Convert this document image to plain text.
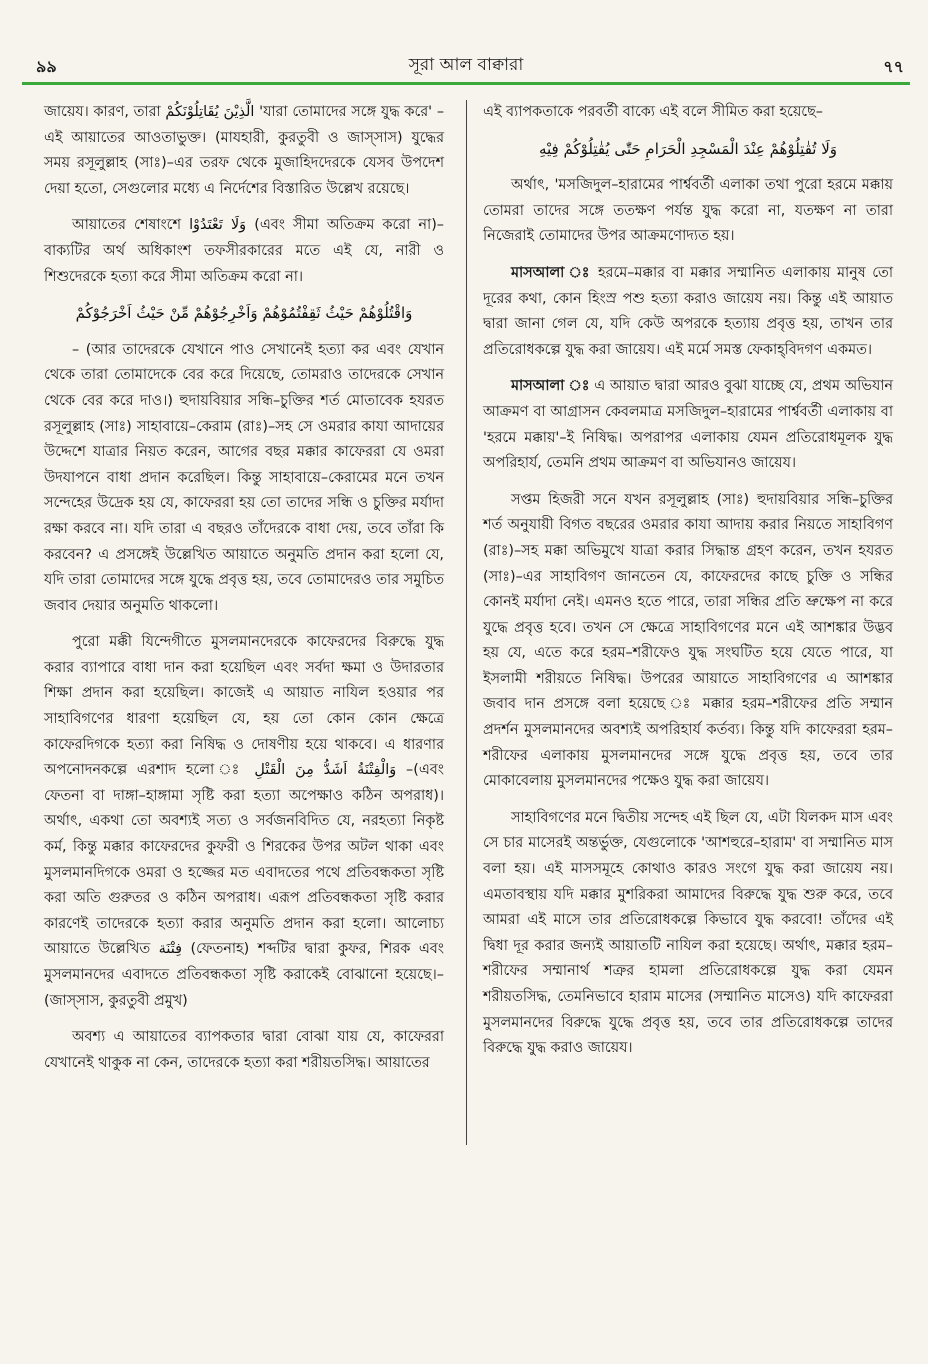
৯৯	সূরা আল বাক্বারা	৭৭

জায়েয। কারণ, তারা الَّذِيْنَ يُقَاتِلُوْنَكُمْ 'যারা তোমাদের সঙ্গে যুদ্ধ করে' – এই আয়াতের আওতাভুক্ত। (মাযহারী, কুরতুবী ও জাস্‌সাস) যুদ্ধের সময় রসূলুল্লাহ (সাঃ)–এর তরফ থেকে মুজাহিদদেরকে যেসব উপদেশ দেয়া হতো, সেগুলোর মধ্যে এ নির্দেশের বিস্তারিত উল্লেখ রয়েছে।

আয়াতের শেষাংশে وَلَا تَعْتَدُوْا (এবং সীমা অতিক্রম করো না)–বাক্যটির অর্থ অধিকাংশ তফসীরকারের মতে এই যে, নারী ও শিশুদেরকে হত্যা করে সীমা অতিক্রম করো না।

وَاقْتُلُوْهُمْ حَيْثُ ثَقِفْتُمُوْهُمْ وَاَخْرِجُوْهُمْ مِّنْ حَيْثُ اَخْرَجُوْكُمْ

– (আর তাদেরকে যেখানে পাও সেখানেই হত্যা কর এবং যেখান থেকে তারা তোমাদেকে বের করে দিয়েছে, তোমরাও তাদেরকে সেখান থেকে বের করে দাও।) হুদায়বিয়ার সন্ধি–চুক্তির শর্ত মোতাবেক হযরত রসূলুল্লাহ (সাঃ) সাহাবায়ে–কেরাম (রাঃ)–সহ সে ওমরার কাযা আদায়ের উদ্দেশে যাত্রার নিয়ত করেন, আগের বছর মক্কার কাফেররা যে ওমরা উদযাপনে বাধা প্রদান করেছিল। কিন্তু সাহাবায়ে–কেরামের মনে তখন সন্দেহের উদ্রেক হয় যে, কাফেররা হয় তো তাদের সন্ধি ও চুক্তির মর্যাদা রক্ষা করবে না। যদি তারা এ বছরও তাঁদেরকে বাধা দেয়, তবে তাঁরা কি করবেন? এ প্রসঙ্গেই উল্লেখিত আয়াতে অনুমতি প্রদান করা হলো যে, যদি তারা তোমাদের সঙ্গে যুদ্ধে প্রবৃত্ত হয়, তবে তোমাদেরও তার সমুচিত জবাব দেয়ার অনুমতি থাকলো।

পুরো মক্কী যিন্দেগীতে মুসলমানদেরকে কাফেরদের বিরুদ্ধে যুদ্ধ করার ব্যাপারে বাধা দান করা হয়েছিল এবং সর্বদা ক্ষমা ও উদারতার শিক্ষা প্রদান করা হয়েছিল। কাজেই এ আয়াত নাযিল হওয়ার পর সাহাবিগণের ধারণা হয়েছিল যে, হয় তো কোন কোন ক্ষেত্রে কাফেরদিগকে হত্যা করা নিষিদ্ধ ও দোষণীয় হয়ে থাকবে। এ ধারণার অপনোদনকল্পে এরশাদ হলো ঃ وَالْفِتْنَةُ اَشَدُّ مِنَ الْقَتْلِ –(এবং ফেতনা বা দাঙ্গা–হাঙ্গামা সৃষ্টি করা হত্যা অপেক্ষাও কঠিন অপরাধ)। অর্থাৎ, একথা তো অবশ্যই সত্য ও সর্বজনবিদিত যে, নরহত্যা নিকৃষ্ট কর্ম, কিন্তু মক্কার কাফেরদের কুফরী ও শিরকের উপর অটল থাকা এবং মুসলমানদিগকে ওমরা ও হজ্জের মত এবাদতের পথে প্রতিবন্ধকতা সৃষ্টি করা অতি গুরুতর ও কঠিন অপরাধ। এরূপ প্রতিবন্ধকতা সৃষ্টি করার কারণেই তাদেরকে হত্যা করার অনুমতি প্রদান করা হলো। আলোচ্য আয়াতে উল্লেখিত فِتْنَة (ফেতনাহ) শব্দটির দ্বারা কুফর, শিরক এবং মুসলমানদের এবাদতে প্রতিবন্ধকতা সৃষ্টি করাকেই বোঝানো হয়েছে।– (জাস্‌সাস, কুরতুবী প্রমুখ)

অবশ্য এ আয়াতের ব্যাপকতার দ্বারা বোঝা যায় যে, কাফেররা যেখানেই থাকুক না কেন, তাদেরকে হত্যা করা শরীয়তসিদ্ধ। আয়াতের

এই ব্যাপকতাকে পরবর্তী বাক্যে এই বলে সীমিত করা হয়েছে–

وَلَا تُقٰتِلُوْهُمْ عِنْدَ الْمَسْجِدِ الْحَرَامِ حَتّٰى يُقٰتِلُوْكُمْ فِيْهِ

অর্থাৎ, 'মসজিদুল–হারামের পার্শ্ববর্তী এলাকা তথা পুরো হরমে মক্কায় তোমরা তাদের সঙ্গে ততক্ষণ পর্যন্ত যুদ্ধ করো না, যতক্ষণ না তারা নিজেরাই তোমাদের উপর আক্রমণোদ্যত হয়।

মাসআলা ঃ হরমে–মক্কার বা মক্কার সম্মানিত এলাকায় মানুষ তো দূরের কথা, কোন হিংস্র পশু হত্যা করাও জায়েয নয়। কিন্তু এই আয়াত দ্বারা জানা গেল যে, যদি কেউ অপরকে হত্যায় প্রবৃত্ত হয়, তাখন তার প্রতিরোধকল্পে যুদ্ধ করা জায়েয। এই মর্মে সমস্ত ফেকাহ্‌বিদগণ একমত।

মাসআলা ঃ এ আয়াত দ্বারা আরও বুঝা যাচ্ছে যে, প্রথম অভিযান আক্রমণ বা আগ্রাসন কেবলমাত্র মসজিদুল–হারামের পার্শ্ববর্তী এলাকায় বা 'হরমে মক্কায়'–ই নিষিদ্ধ। অপরাপর এলাকায় যেমন প্রতিরোধমূলক যুদ্ধ অপরিহার্য, তেমনি প্রথম আক্রমণ বা অভিযানও জায়েয।

সপ্তম হিজরী সনে যখন রসূলুল্লাহ (সাঃ) হুদায়বিয়ার সন্ধি–চুক্তির শর্ত অনুযায়ী বিগত বছরের ওমরার কাযা আদায় করার নিয়তে সাহাবিগণ (রাঃ)–সহ মক্কা অভিমুখে যাত্রা করার সিদ্ধান্ত গ্রহণ করেন, তখন হযরত (সাঃ)–এর সাহাবিগণ জানতেন যে, কাফেরদের কাছে চুক্তি ও সন্ধির কোনই মর্যাদা নেই। এমনও হতে পারে, তারা সন্ধির প্রতি ভ্রুক্ষেপ না করে যুদ্ধে প্রবৃত্ত হবে। তখন সে ক্ষেত্রে সাহাবিগণের মনে এই আশঙ্কার উদ্ভব হয় যে, এতে করে হরম–শরীফেও যুদ্ধ সংঘটিত হয়ে যেতে পারে, যা ইসলামী শরীয়তে নিষিদ্ধ। উপরের আয়াতে সাহাবিগণের এ আশঙ্কার জবাব দান প্রসঙ্গে বলা হয়েছে ঃ মক্কার হরম–শরীফের প্রতি সম্মান প্রদর্শন মুসলমানদের অবশ্যই অপরিহার্য কর্তব্য। কিন্তু যদি কাফেররা হরম–শরীফের এলাকায় মুসলমানদের সঙ্গে যুদ্ধে প্রবৃত্ত হয়, তবে তার মোকাবেলায় মুসলমানদের পক্ষেও যুদ্ধ করা জায়েয।

সাহাবিগণের মনে দ্বিতীয় সন্দেহ এই ছিল যে, এটা যিলকদ মাস এবং সে চার মাসেরই অন্তর্ভুক্ত, যেগুলোকে 'আশহুরে–হারাম' বা সম্মানিত মাস বলা হয়। এই মাসসমূহে কোথাও কারও সংগে যুদ্ধ করা জায়েয নয়। এমতাবস্থায় যদি মক্কার মুশরিকরা আমাদের বিরুদ্ধে যুদ্ধ শুরু করে, তবে আমরা এই মাসে তার প্রতিরোধকল্পে কিভাবে যুদ্ধ করবো! তাঁদের এই দ্বিধা দূর করার জন্যই আয়াতটি নাযিল করা হয়েছে। অর্থাৎ, মক্কার হরম–শরীফের সম্মানার্থ শত্রুর হামলা প্রতিরোধকল্পে যুদ্ধ করা যেমন শরীয়তসিদ্ধ, তেমনিভাবে হারাম মাসের (সম্মানিত মাসেও) যদি কাফেররা মুসলমানদের বিরুদ্ধে যুদ্ধে প্রবৃত্ত হয়, তবে তার প্রতিরোধকল্পে তাদের বিরুদ্ধে যুদ্ধ করাও জায়েয।
